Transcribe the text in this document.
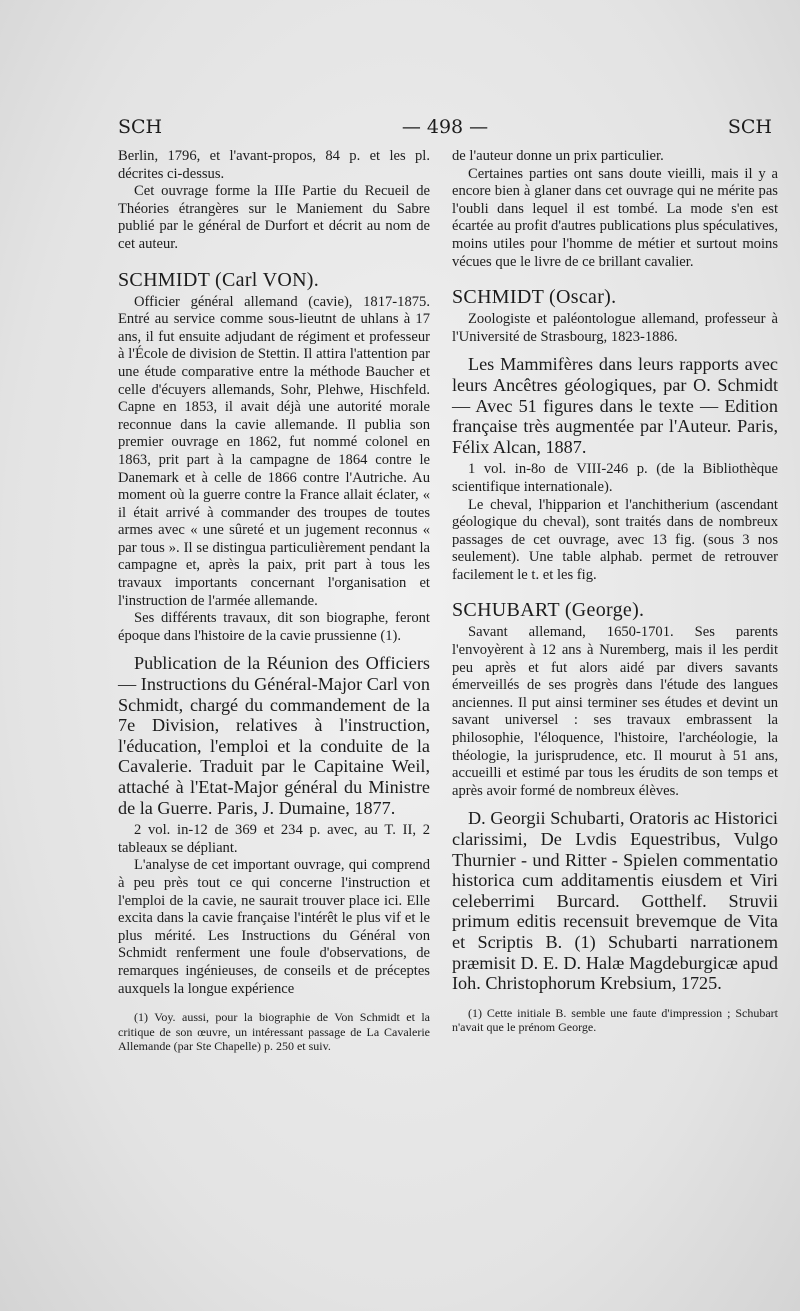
SCH	— 498 —	SCH

Berlin, 1796, et l'avant-propos, 84 p. et les pl. décrites ci-dessus.

Cet ouvrage forme la IIIe Partie du Recueil de Théories étrangères sur le Maniement du Sabre publié par le général de Durfort et décrit au nom de cet auteur.

SCHMIDT (Carl VON).

Officier général allemand (cavie), 1817-1875. Entré au service comme sous-lieutnt de uhlans à 17 ans, il fut ensuite adjudant de régiment et professeur à l'École de division de Stettin. Il attira l'attention par une étude comparative entre la méthode Baucher et celle d'écuyers allemands, Sohr, Plehwe, Hischfeld. Capne en 1853, il avait déjà une autorité morale reconnue dans la cavie allemande. Il publia son premier ouvrage en 1862, fut nommé colonel en 1863, prit part à la campagne de 1864 contre le Danemark et à celle de 1866 contre l'Autriche. Au moment où la guerre contre la France allait éclater, « il était arrivé à commander des troupes de toutes armes avec « une sûreté et un jugement reconnus « par tous ». Il se distingua particulièrement pendant la campagne et, après la paix, prit part à tous les travaux importants concernant l'organisation et l'instruction de l'armée allemande.

Ses différents travaux, dit son biographe, feront époque dans l'histoire de la cavie prussienne (1).

Publication de la Réunion des Officiers — Instructions du Général-Major Carl von Schmidt, chargé du commandement de la 7e Division, relatives à l'instruction, l'éducation, l'emploi et la conduite de la Cavalerie. Traduit par le Capitaine Weil, attaché à l'Etat-Major général du Ministre de la Guerre. Paris, J. Dumaine, 1877.

2 vol. in-12 de 369 et 234 p. avec, au T. II, 2 tableaux se dépliant.

L'analyse de cet important ouvrage, qui comprend à peu près tout ce qui concerne l'instruction et l'emploi de la cavie, ne saurait trouver place ici. Elle excita dans la cavie française l'intérêt le plus vif et le plus mérité. Les Instructions du Général von Schmidt renferment une foule d'observations, de remarques ingénieuses, de conseils et de préceptes auxquels la longue expérience

(1) Voy. aussi, pour la biographie de Von Schmidt et la critique de son œuvre, un intéressant passage de La Cavalerie Allemande (par Ste Chapelle) p. 250 et suiv.

de l'auteur donne un prix particulier.

Certaines parties ont sans doute vieilli, mais il y a encore bien à glaner dans cet ouvrage qui ne mérite pas l'oubli dans lequel il est tombé. La mode s'en est écartée au profit d'autres publications plus spéculatives, moins utiles pour l'homme de métier et surtout moins vécues que le livre de ce brillant cavalier.

SCHMIDT (Oscar).

Zoologiste et paléontologue allemand, professeur à l'Université de Strasbourg, 1823-1886.

Les Mammifères dans leurs rapports avec leurs Ancêtres géologiques, par O. Schmidt — Avec 51 figures dans le texte — Edition française très augmentée par l'Auteur. Paris, Félix Alcan, 1887.

1 vol. in-8o de VIII-246 p. (de la Bibliothèque scientifique internationale).

Le cheval, l'hipparion et l'anchitherium (ascendant géologique du cheval), sont traités dans de nombreux passages de cet ouvrage, avec 13 fig. (sous 3 nos seulement). Une table alphab. permet de retrouver facilement le t. et les fig.

SCHUBART (George).

Savant allemand, 1650-1701. Ses parents l'envoyèrent à 12 ans à Nuremberg, mais il les perdit peu après et fut alors aidé par divers savants émerveillés de ses progrès dans l'étude des langues anciennes. Il put ainsi terminer ses études et devint un savant universel : ses travaux embrassent la philosophie, l'éloquence, l'histoire, l'archéologie, la théologie, la jurisprudence, etc. Il mourut à 51 ans, accueilli et estimé par tous les érudits de son temps et après avoir formé de nombreux élèves.

D. Georgii Schubarti, Oratoris ac Historici clarissimi, De Lvdis Equestribus, Vulgo Thurnier - und Ritter - Spielen commentatio historica cum additamentis eiusdem et Viri celeberrimi Burcard. Gotthelf. Struvii primum editis recensuit brevemque de Vita et Scriptis B. (1) Schubarti narrationem præmisit D. E. D. Halæ Magdeburgicæ apud Ioh. Christophorum Krebsium, 1725.

(1) Cette initiale B. semble une faute d'impression ; Schubart n'avait que le prénom George.
